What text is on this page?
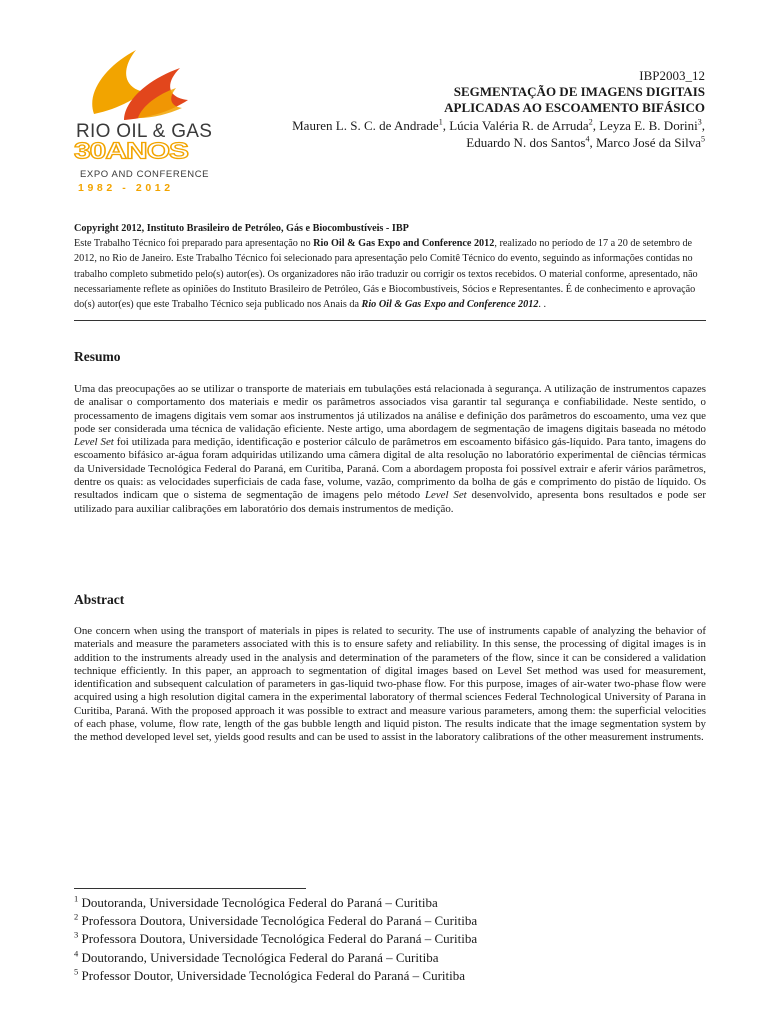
RIO OIL & GAS
30ANOS
EXPO AND CONFERENCE
1982 - 2012
IBP2003_12
SEGMENTAÇÃO DE IMAGENS DIGITAIS
APLICADAS AO ESCOAMENTO BIFÁSICO
Mauren L. S. C. de Andrade$^1$, Lúcia Valéria R. de Arruda$^2$, Leyza E. B. Dorini$^3$, Eduardo N. dos Santos$^4$, Marco José da Silva$^5$
Copyright 2012, Instituto Brasileiro de Petróleo, Gás e Biocombustíveis - IBP
Este Trabalho Técnico foi preparado para apresentação no Rio Oil & Gas Expo and Conference 2012, realizado no período de 17 a 20 de setembro de 2012, no Rio de Janeiro. Este Trabalho Técnico foi selecionado para apresentação pelo Comitê Técnico do evento, seguindo as informações contidas no trabalho completo submetido pelo(s) autor(es). Os organizadores não irão traduzir ou corrigir os textos recebidos. O material conforme, apresentado, não necessariamente reflete as opiniões do Instituto Brasileiro de Petróleo, Gás e Biocombustíveis, Sócios e Representantes. É de conhecimento e aprovação do(s) autor(es) que este Trabalho Técnico seja publicado nos Anais da Rio Oil & Gas Expo and Conference 2012. .
Resumo
Uma das preocupações ao se utilizar o transporte de materiais em tubulações está relacionada à segurança. A utilização de instrumentos capazes de analisar o comportamento dos materiais e medir os parâmetros associados visa garantir tal segurança e confiabilidade. Neste sentido, o processamento de imagens digitais vem somar aos instrumentos já utilizados na análise e definição dos parâmetros do escoamento, uma vez que pode ser considerada uma técnica de validação eficiente. Neste artigo, uma abordagem de segmentação de imagens digitais baseada no método Level Set foi utilizada para medição, identificação e posterior cálculo de parâmetros em escoamento bifásico gás-líquido. Para tanto, imagens do escoamento bifásico ar-água foram adquiridas utilizando uma câmera digital de alta resolução no laboratório experimental de ciências térmicas da Universidade Tecnológica Federal do Paraná, em Curitiba, Paraná. Com a abordagem proposta foi possível extrair e aferir vários parâmetros, dentre os quais: as velocidades superficiais de cada fase, volume, vazão, comprimento da bolha de gás e comprimento do pistão de líquido. Os resultados indicam que o sistema de segmentação de imagens pelo método Level Set desenvolvido, apresenta bons resultados e pode ser utilizado para auxiliar calibrações em laboratório dos demais instrumentos de medição.
Abstract
One concern when using the transport of materials in pipes is related to security. The use of instruments capable of analyzing the behavior of materials and measure the parameters associated with this is to ensure safety and reliability. In this sense, the processing of digital images is in addition to the instruments already used in the analysis and determination of the parameters of the flow, since it can be considered a validation technique efficiently. In this paper, an approach to segmentation of digital images based on Level Set method was used for measurement, identification and subsequent calculation of parameters in gas-liquid two-phase flow. For this purpose, images of air-water two-phase flow were acquired using a high resolution digital camera in the experimental laboratory of thermal sciences Federal Technological University of Parana in Curitiba, Paraná. With the proposed approach it was possible to extract and measure various parameters, among them: the superficial velocities of each phase, volume, flow rate, length of the gas bubble length and liquid piston. The results indicate that the image segmentation system by the method developed level set, yields good results and can be used to assist in the laboratory calibrations of the other measurement instruments.
$^1$ Doutoranda, Universidade Tecnológica Federal do Paraná – Curitiba
$^2$ Professora Doutora, Universidade Tecnológica Federal do Paraná – Curitiba
$^3$ Professora Doutora, Universidade Tecnológica Federal do Paraná – Curitiba
$^4$ Doutorando, Universidade Tecnológica Federal do Paraná – Curitiba
$^5$ Professor Doutor, Universidade Tecnológica Federal do Paraná – Curitiba
